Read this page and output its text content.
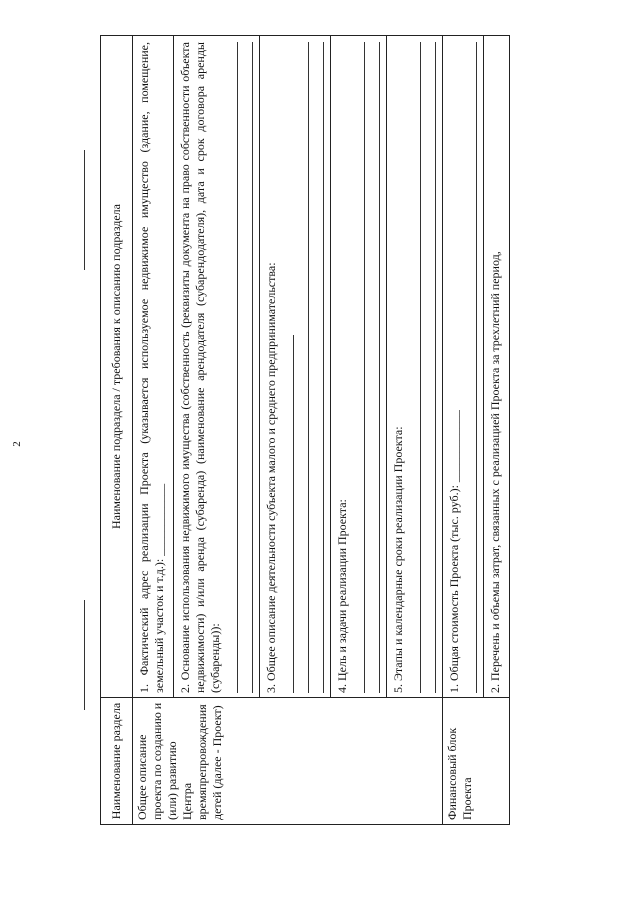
2
Наименование раздела	Наименование подраздела / требования к описанию подраздела
Общее описание проекта по созданию и (или) развитию Центра времяпрепровождения детей (далее - Проект)	1. Фактический адрес реализации Проекта (указывается используемое недвижимое имущество (здание, помещение, земельный участок и т.д.): ____________

	2. Основание использования недвижимого имущества (собственность (реквизиты документа на право собственности объекта недвижимости) и/или аренда (субаренда) (наименование арендодателя (субарендодателя), дата и срок договора аренды (субаренды)):

	3. Общее описание деятельности субъекта малого и среднего предпринимательства:

	4. Цель и задачи реализации Проекта:

	5. Этапы и календарные сроки реализации Проекта:

Финансовый блок Проекта	1. Общая стоимость Проекта (тыс. руб.): ____________

	2. Перечень и объемы затрат, связанных с реализацией Проекта за трехлетний период,
